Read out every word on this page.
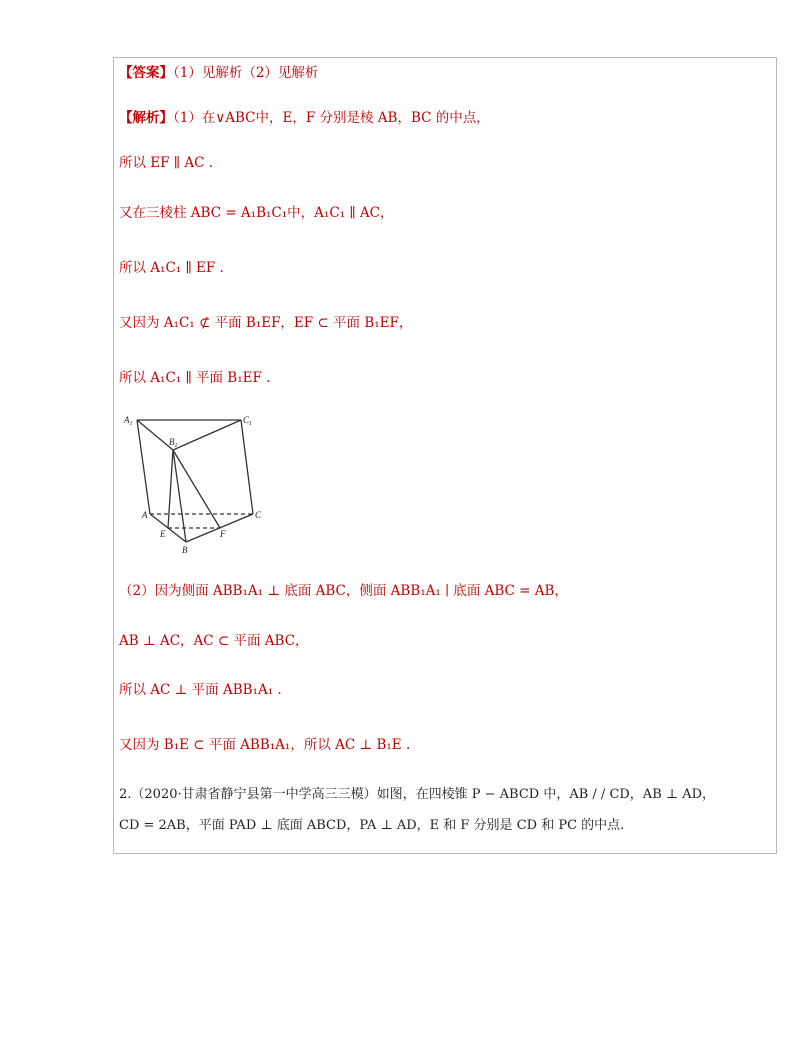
【答案】（1）见解析（2）见解析
【解析】（1）在∨ABC中，E，F 分别是棱 AB，BC 的中点，
所以 EF ∥ AC .
又在三棱柱 ABC = A₁B₁C₁中，A₁C₁ ∥ AC，
所以 A₁C₁ ∥ EF .
又因为 A₁C₁ ⊄ 平面 B₁EF，EF ⊂ 平面 B₁EF，
所以 A₁C₁ ∥ 平面 B₁EF .
$A_1$
$B_1$
$C_1$
A	C
E	F
B
（2）因为侧面 ABB₁A₁ ⊥ 底面 ABC，侧面 ABB₁A₁ ∣ 底面 ABC = AB，
AB ⊥ AC，AC ⊂ 平面 ABC，
所以 AC ⊥ 平面 ABB₁A₁ .
又因为 B₁E ⊂ 平面 ABB₁A₁，所以 AC ⊥ B₁E .
2.（2020·甘肃省静宁县第一中学高三三模）如图，在四棱锥 P − ABCD 中，AB / / CD，AB ⊥ AD，
CD = 2AB，平面 PAD ⊥ 底面 ABCD，PA ⊥ AD，E 和 F 分别是 CD 和 PC 的中点.
